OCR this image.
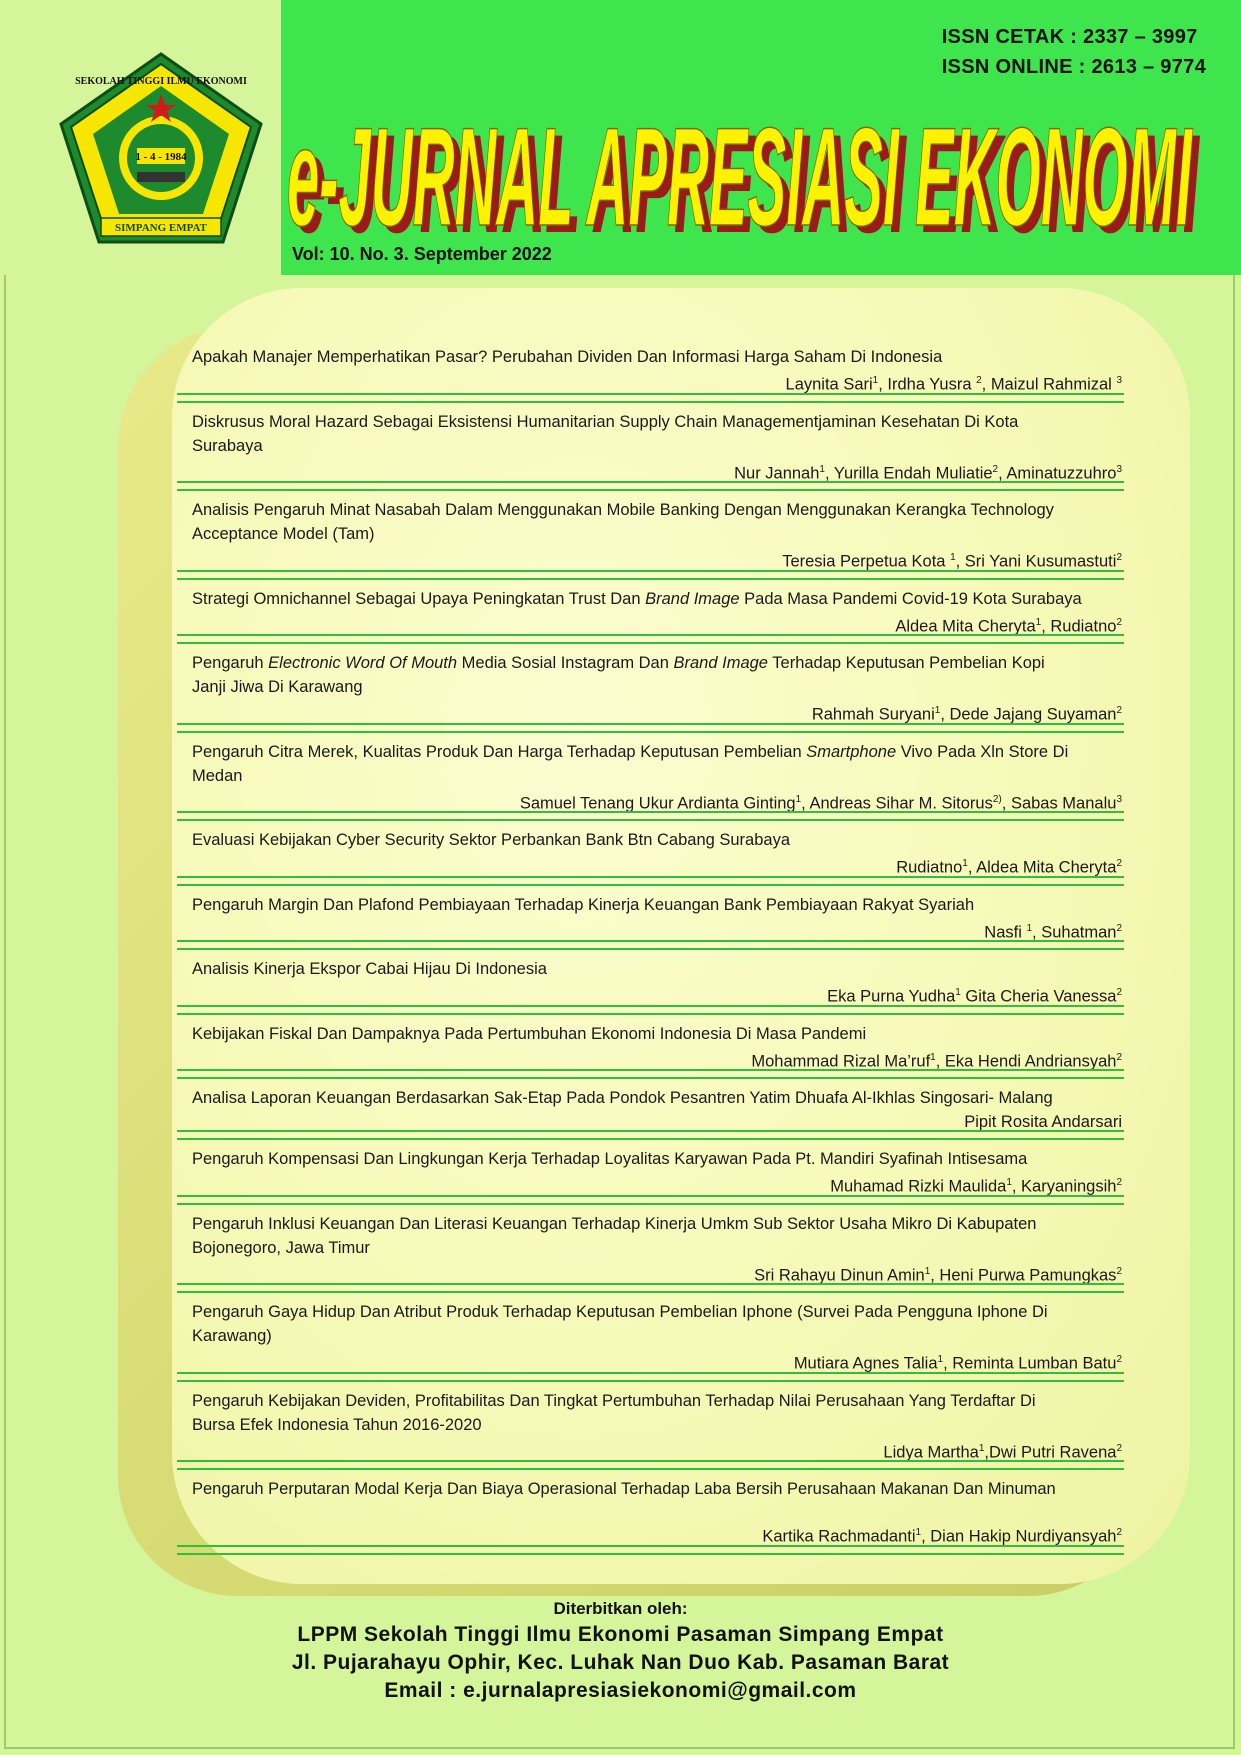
1 - 4 - 1984
SEKOLAH TINGGI ILMU EKONOMI
SIMPANG EMPAT
ISSN CETAK : 2337 – 3997
ISSN ONLINE : 2613 – 9774
e-JURNAL APRESIASI EKONOMI
e-JURNAL APRESIASI EKONOMI
Vol: 10. No. 3. September 2022
Apakah Manajer Memperhatikan Pasar? Perubahan Dividen Dan Informasi Harga Saham Di Indonesia
Laynita Sari$^1$, Irdha Yusra $^2$, Maizul Rahmizal $^3$
Diskrusus Moral Hazard Sebagai Eksistensi Humanitarian Supply Chain Managementjaminan Kesehatan Di Kota Surabaya
Nur Jannah$^1$, Yurilla Endah Muliatie$^2$, Aminatuzzuhro$^3$
Analisis Pengaruh Minat Nasabah Dalam Menggunakan Mobile Banking Dengan Menggunakan Kerangka Technology Acceptance Model (Tam)
Teresia Perpetua Kota $^1$, Sri Yani Kusumastuti$^2$
Strategi Omnichannel Sebagai Upaya Peningkatan Trust Dan Brand Image Pada Masa Pandemi Covid-19 Kota Surabaya
Aldea Mita Cheryta$^1$, Rudiatno$^2$
Pengaruh Electronic Word Of Mouth Media Sosial Instagram Dan Brand Image Terhadap Keputusan Pembelian Kopi Janji Jiwa Di Karawang
Rahmah Suryani$^1$, Dede Jajang Suyaman$^2$
Pengaruh Citra Merek, Kualitas Produk Dan Harga Terhadap Keputusan Pembelian Smartphone Vivo Pada Xln Store Di Medan
Samuel Tenang Ukur Ardianta Ginting$^1$, Andreas Sihar M. Sitorus$^{2)}$, Sabas Manalu$^3$
Evaluasi Kebijakan Cyber Security Sektor Perbankan Bank Btn Cabang Surabaya
Rudiatno$^1$, Aldea Mita Cheryta$^2$
Pengaruh Margin Dan Plafond Pembiayaan Terhadap Kinerja Keuangan Bank Pembiayaan Rakyat Syariah
Nasfi $^1$, Suhatman$^2$
Analisis Kinerja Ekspor Cabai Hijau Di Indonesia
Eka Purna Yudha$^1$ Gita Cheria Vanessa$^2$
Kebijakan Fiskal Dan Dampaknya Pada Pertumbuhan Ekonomi Indonesia Di Masa Pandemi
Mohammad Rizal Ma’ruf$^1$, Eka Hendi Andriansyah$^2$
Analisa Laporan Keuangan Berdasarkan Sak-Etap Pada Pondok Pesantren Yatim Dhuafa Al-Ikhlas Singosari- Malang
Pipit Rosita Andarsari
Pengaruh Kompensasi Dan Lingkungan Kerja Terhadap Loyalitas Karyawan Pada Pt. Mandiri Syafinah Intisesama
Muhamad Rizki Maulida$^1$, Karyaningsih$^2$
Pengaruh Inklusi Keuangan Dan Literasi Keuangan Terhadap Kinerja Umkm Sub Sektor Usaha Mikro Di Kabupaten Bojonegoro, Jawa Timur
Sri Rahayu Dinun Amin$^1$, Heni Purwa Pamungkas$^2$
Pengaruh Gaya Hidup Dan Atribut Produk Terhadap Keputusan Pembelian Iphone (Survei Pada Pengguna Iphone Di Karawang)
Mutiara Agnes Talia$^1$, Reminta Lumban Batu$^2$
Pengaruh Kebijakan Deviden, Profitabilitas Dan Tingkat Pertumbuhan Terhadap Nilai Perusahaan Yang Terdaftar Di Bursa Efek Indonesia Tahun 2016-2020
Lidya Martha$^1$,Dwi Putri Ravena$^2$
Pengaruh Perputaran Modal Kerja Dan Biaya Operasional Terhadap Laba Bersih Perusahaan Makanan Dan Minuman
Kartika Rachmadanti$^1$, Dian Hakip Nurdiyansyah$^2$
Diterbitkan oleh:
LPPM Sekolah Tinggi Ilmu Ekonomi Pasaman Simpang Empat
Jl. Pujarahayu Ophir, Kec. Luhak Nan Duo Kab. Pasaman Barat
Email : e.jurnalapresiasiekonomi@gmail.com
